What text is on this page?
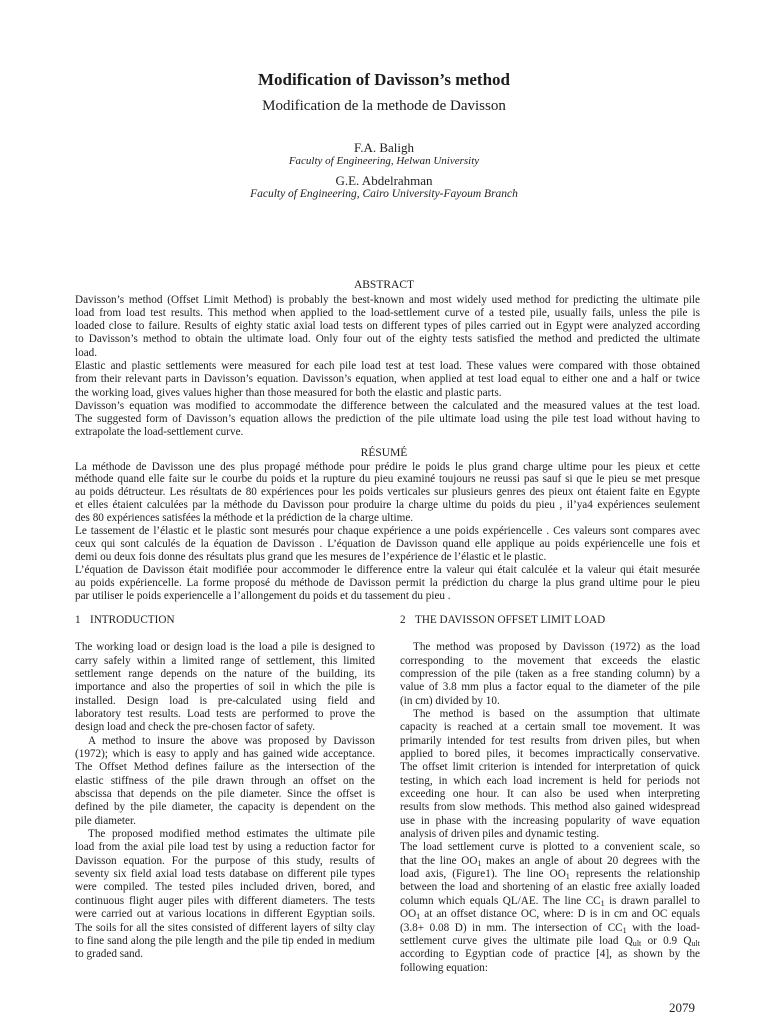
Modification of Davisson’s method
Modification de la methode de Davisson
F.A. Baligh
Faculty of Engineering, Helwan University
G.E. Abdelrahman
Faculty of Engineering, Cairo University-Fayoum Branch
ABSTRACT
Davisson’s method (Offset Limit Method) is probably the best-known and most widely used method for predicting the ultimate pile
load from load test results. This method when applied to the load-settlement curve of a tested pile, usually fails, unless the pile is
loaded close to failure. Results of eighty static axial load tests on different types of piles carried out in Egypt were analyzed according
to Davisson’s method to obtain the ultimate load. Only four out of the eighty tests satisfied the method and predicted the ultimate
load.
Elastic and plastic settlements were measured for each pile load test at test load. These values were compared with those obtained
from their relevant parts in Davisson’s equation. Davisson’s equation, when applied at test load equal to either one and a half or twice
the working load, gives values higher than those measured for both the elastic and plastic parts.
Davisson’s equation was modified to accommodate the difference between the calculated and the measured values at the test load.
The suggested form of Davisson’s equation allows the prediction of the pile ultimate load using the pile test load without having to
extrapolate the load-settlement curve.
RÉSUMÉ
La méthode de Davisson une des plus propagé méthode pour prédire le poids le plus grand charge ultime pour les pieux et cette
méthode quand elle faite sur le courbe du poids et la rupture du pieu examiné toujours ne reussi pas sauf si que le pieu se met presque
au poids détructeur. Les résultats de 80 expériences pour les poids verticales sur plusieurs genres des pieux ont étaient faite en Egypte
et elles étaient calculées par la méthode du Davisson pour produire la charge ultime du poids du pieu , il’ya4 expériences seulement
des 80 expériences satisfées la méthode et la prédiction de la charge ultime.
Le tassement de l’élastic et le plastic sont mesurés pour chaque expérience a une poids expériencelle . Ces valeurs sont compares avec
ceux qui sont calculés de la équation de Davisson . L’équation de Davisson quand elle applique au poids expériencelle une fois et
demi ou deux fois donne des résultats plus grand que les mesures de l’expérience de l’élastic et le plastic.
L’équation de Davisson était modifiée pour accommoder le difference entre la valeur qui était calculée et la valeur qui était mesurée
au poids expériencelle. La forme proposé du méthode de Davisson permit la prédiction du charge la plus grand ultime pour le pieu
par utiliser le poids experiencelle a l’allongement du poids et du tassement du pieu .
1 INTRODUCTION
The working load or design load is the load a pile is designed to
carry safely within a limited range of settlement, this limited
settlement range depends on the nature of the building, its
importance and also the properties of soil in which the pile is
installed. Design load is pre-calculated using field and
laboratory test results. Load tests are performed to prove the
design load and check the pre-chosen factor of safety.
A method to insure the above was proposed by Davisson
(1972); which is easy to apply and has gained wide acceptance.
The Offset Method defines failure as the intersection of the
elastic stiffness of the pile drawn through an offset on the
abscissa that depends on the pile diameter. Since the offset is
defined by the pile diameter, the capacity is dependent on the
pile diameter.
The proposed modified method estimates the ultimate pile
load from the axial pile load test by using a reduction factor for
Davisson equation. For the purpose of this study, results of
seventy six field axial load tests database on different pile types
were compiled. The tested piles included driven, bored, and
continuous flight auger piles with different diameters. The tests
were carried out at various locations in different Egyptian soils.
The soils for all the sites consisted of different layers of silty clay
to fine sand along the pile length and the pile tip ended in medium
to graded sand.
2 THE DAVISSON OFFSET LIMIT LOAD
The method was proposed by Davisson (1972) as the load
corresponding to the movement that exceeds the elastic
compression of the pile (taken as a free standing column) by a
value of 3.8 mm plus a factor equal to the diameter of the pile
(in cm) divided by 10.
The method is based on the assumption that ultimate
capacity is reached at a certain small toe movement. It was
primarily intended for test results from driven piles, but when
applied to bored piles, it becomes impractically conservative.
The offset limit criterion is intended for interpretation of quick
testing, in which each load increment is held for periods not
exceeding one hour. It can also be used when interpreting
results from slow methods. This method also gained widespread
use in phase with the increasing popularity of wave equation
analysis of driven piles and dynamic testing.
The load settlement curve is plotted to a convenient scale, so
that the line $OO_1$ makes an angle of about 20 degrees with the
load axis, (Figure1). The line $OO_1$ represents the relationship
between the load and shortening of an elastic free axially loaded
column which equals QL/AE. The line $CC_1$ is drawn parallel to
$OO_1$ at an offset distance OC, where: D is in cm and OC equals
(3.8+ 0.08 D) in mm. The intersection of $CC_1$ with the load-
settlement curve gives the ultimate pile load $Q_{ult}$ or 0.9 $Q_{ult}$
according to Egyptian code of practice [4], as shown by the
following equation:
2079
